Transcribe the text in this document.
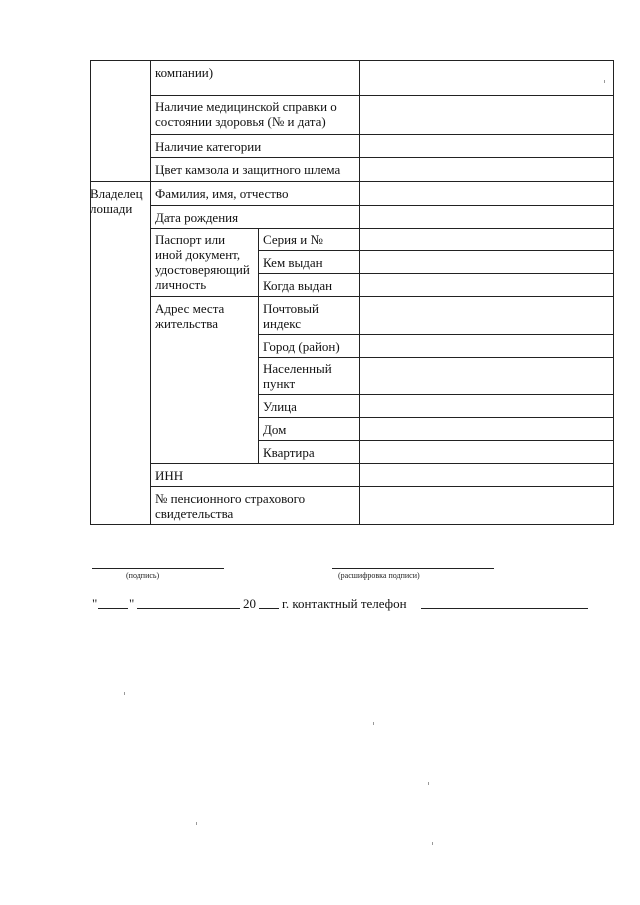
компании)
Наличие медицинской справки о состоянии здоровья (№ и дата)
Наличие категории
Цвет камзола и защитного шлема
Владелец лошади
Фамилия, имя, отчество
Дата рождения
Паспорт или иной документ, удостоверяющий личность
Серия и №
Кем выдан
Когда выдан
Адрес места жительства
Почтовый индекс
Город (район)
Населенный пункт
Улица
Дом
Квартира
ИНН
№ пенсионного страхового свидетельства
(подпись)	(расшифровка подписи)
" "	20 г. контактный телефон
